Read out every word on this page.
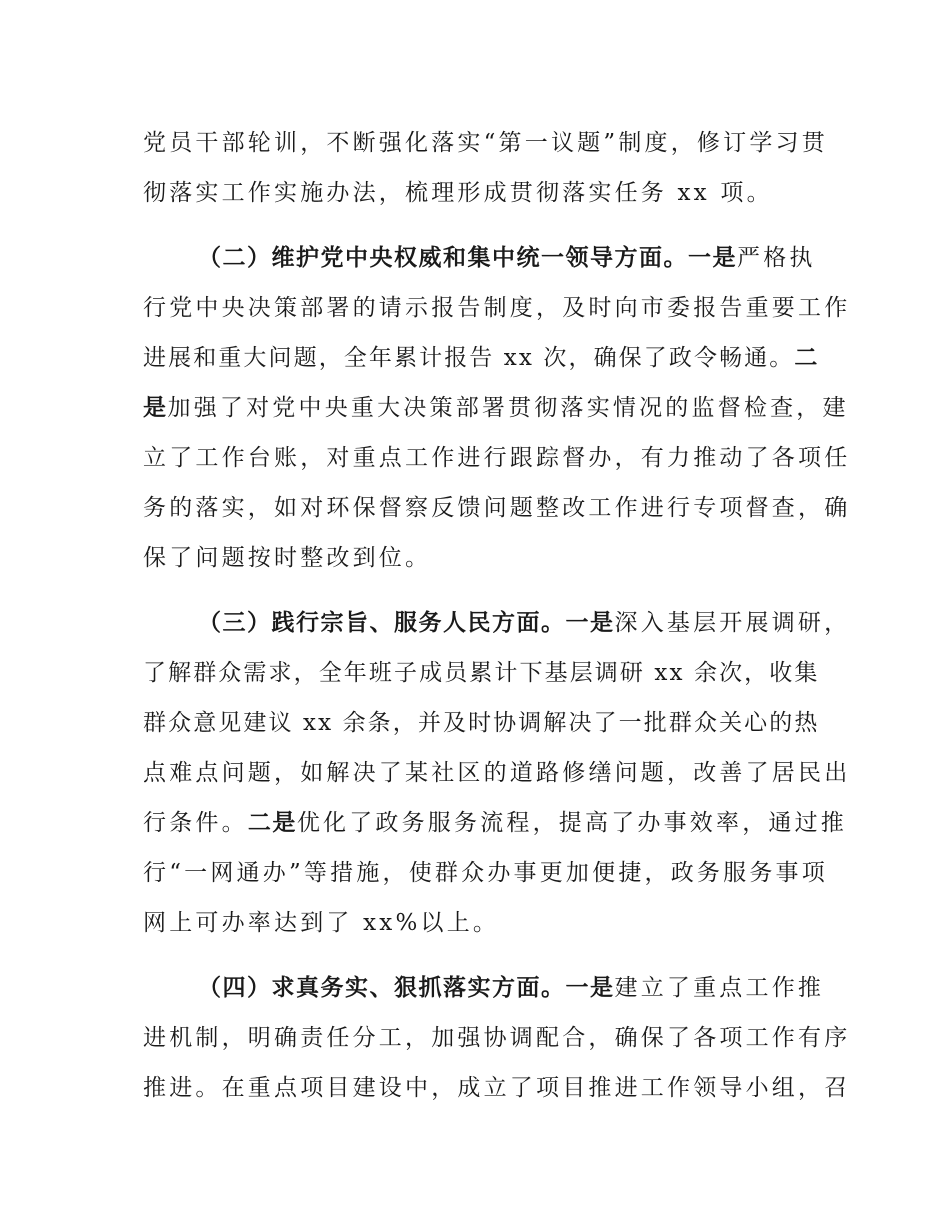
党员干部轮训，不断强化落实“第一议题”制度，修订学习贯
彻落实工作实施办法，梳理形成贯彻落实任务 xx 项。
（二）维护党中央权威和集中统一领导方面。一是严格执
行党中央决策部署的请示报告制度，及时向市委报告重要工作
进展和重大问题，全年累计报告 xx 次，确保了政令畅通。二
是加强了对党中央重大决策部署贯彻落实情况的监督检查，建
立了工作台账，对重点工作进行跟踪督办，有力推动了各项任
务的落实，如对环保督察反馈问题整改工作进行专项督查，确
保了问题按时整改到位。
（三）践行宗旨、服务人民方面。一是深入基层开展调研，
了解群众需求，全年班子成员累计下基层调研 xx 余次，收集
群众意见建议 xx 余条，并及时协调解决了一批群众关心的热
点难点问题，如解决了某社区的道路修缮问题，改善了居民出
行条件。二是优化了政务服务流程，提高了办事效率，通过推
行“一网通办”等措施，使群众办事更加便捷，政务服务事项
网上可办率达到了 xx%以上。
（四）求真务实、狠抓落实方面。一是建立了重点工作推
进机制，明确责任分工，加强协调配合，确保了各项工作有序
推进。在重点项目建设中，成立了项目推进工作领导小组，召
